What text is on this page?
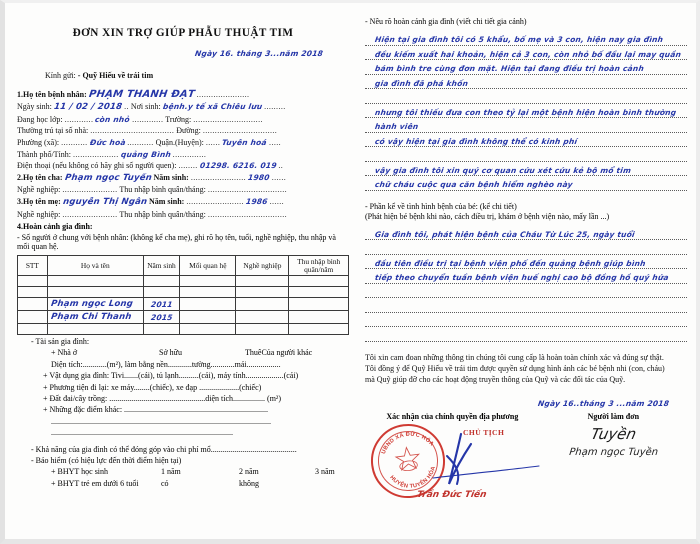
ĐƠN XIN TRỢ GIÚP PHẪU THUẬT TIM
Ngày 16. tháng 3...năm 2018
Kính gửi: - Quỹ Hiếu về trái tim
1.Họ tên bệnh nhân: PHẠM THÀNH ĐẠT ......................
Ngày sinh: 11 / 02 / 2018 .. Nơi sinh: bệnh.y tế xã Chiêu lưu .........
Đang học lớp: ............ còn nhỏ ............. Trường: .............................
Thường trú tại số nhà: ................................... Đường: ...............................
Phường (xã): ........... Đức hoà ........... Quận.(Huyện): ...... Tuyên hoá .....
Thành phố/Tỉnh: ................... quảng Bình ..............
Điện thoại (nếu không có hãy ghi số người quen): ........ 01298. 6216. 019 ..
2.Họ tên cha: Phạm ngọc Tuyền Năm sinh: ....................... 1980 ......
Nghề nghiệp: ....................... Thu nhập bình quân/tháng: .................................
3.Họ tên mẹ: nguyễn Thị Ngân Năm sinh: ........................ 1986 ......
Nghề nghiệp: ....................... Thu nhập bình quân/tháng: .................................
4.Hoàn cảnh gia đình:
- Số người ở chung với bệnh nhân: (không kể cha mẹ), ghi rõ họ tên, tuổi, nghề nghiệp, thu nhập và mối quan hệ.
STT	Họ và tên	Năm sinh	Mối quan hệ	Nghề nghiệp	Thu nhập bình quân/năm

	Phạm ngọc Long	2011			
	Phạm Chi Thanh	2015			

- Tài sản gia đình:
+ Nhà ở	Sở hữu	Thuê Của người khác
Diện tích:............(m²), làm bằng nền............tường............mái.................
+ Vật dụng gia đình: Tivi.......(cái), tủ lạnh..........(cái), máy tính...................(cái)
+ Phương tiện đi lại: xe máy........(chiếc), xe đạp ....................(chiếc)
+ Đất đai/cây trồng: ................................................diện tích................ (m²)
+ Những đặc điểm khác: ........................................................................
..............................................................................................................
...........................................................................................
- Khả năng của gia đình có thể đóng góp vào chi phí mổ...........................................
- Bảo hiểm (có hiệu lực đến thời điểm hiện tại)
+ BHYT học sinh	1 năm	2 năm	3 năm
+ BHYT trẻ em dưới 6 tuổi	có	không
- Nêu rõ hoàn cảnh gia đình (viết chi tiết gia cảnh)
Hiện tại gia đình tôi có 5 khẩu, bố mẹ và 3 con, hiện nay gia đình
đều kiếm xuất hai khoản, hiện cả 3 con, còn nhỏ bố đầu lại may quần
bám bình tre cùng đơn mặt. Hiện tại đang điều trị hoàn cảnh
gia đình đã phá khốn
nhưng tôi thiếu đưa con theo tỷ lại một bệnh hiện hoàn bình thường
hành viên
có vậy hiện tại gia đình không thể có kinh phí
vậy gia đình tôi xin quý cơ quan cứu xét cứu kẻ bộ mổ tim
chữ cháu cuộc qua căn bệnh hiểm nghèo này
- Phần kể về tình hình bệnh của bé: (kể chi tiết)
(Phát hiện bé bệnh khi nào, cách điều trị, khám ở bệnh viện nào, mấy lần ...)
Gia đình tôi, phát hiện bệnh của Cháu Từ Lúc 25, ngày tuổi
đầu tiên điều trị tại bệnh viện phố đến quảng bệnh giúp bình
tiếp theo chuyển tuần bệnh viện huế nghị cao bộ đồng hồ quý hứa
Tôi xin cam đoan những thông tin chúng tôi cung cấp là hoàn toàn chính xác và đúng sự thật.
Tôi đồng ý để Quỹ Hiếu về trái tim được quyền sử dụng hình ảnh các bé bệnh nhi (con, cháu)
mà Quỹ giúp đỡ cho các hoạt động truyền thông của Quỹ và các đối tác của Quỹ.
Ngày 16..tháng 3 ...năm 2018
Xác nhận của chính quyền địa phương
UBND XÃ ĐỨC HÓA
HUYỆN TUYÊN HÓA
CHỦ TỊCH
Trần Đức Tiến
Người làm đơn
Tuyền
Phạm ngọc Tuyền
